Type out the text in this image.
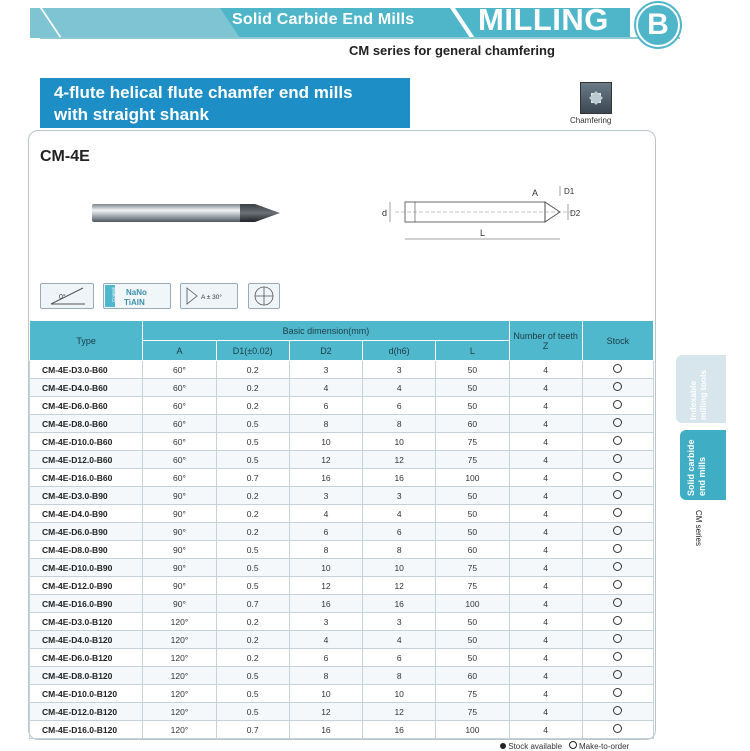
Solid Carbide End Mills MILLING	B
CM series for general chamfering
4-flute helical flute chamfer end mills
with straight shank	Chamfering
CM-4E
A
d
L
D2
D1
0°	Coated NaNo
TiAlN
A ± 30°
Type	Basic dimension(mm)					Number of teeth Z	Stock
	A	D1(±0.02)	D2	d(h6)	L		
CM-4E-D3.0-B60	60°	0.2	3	3	50	4	
CM-4E-D4.0-B60	60°	0.2	4	4	50	4	
CM-4E-D6.0-B60	60°	0.2	6	6	50	4	
CM-4E-D8.0-B60	60°	0.5	8	8	60	4	
CM-4E-D10.0-B60	60°	0.5	10	10	75	4	
CM-4E-D12.0-B60	60°	0.5	12	12	75	4	
CM-4E-D16.0-B60	60°	0.7	16	16	100	4	
CM-4E-D3.0-B90	90°	0.2	3	3	50	4	
CM-4E-D4.0-B90	90°	0.2	4	4	50	4	
CM-4E-D6.0-B90	90°	0.2	6	6	50	4	
CM-4E-D8.0-B90	90°	0.5	8	8	60	4	
CM-4E-D10.0-B90	90°	0.5	10	10	75	4	
CM-4E-D12.0-B90	90°	0.5	12	12	75	4	
CM-4E-D16.0-B90	90°	0.7	16	16	100	4	
CM-4E-D3.0-B120	120°	0.2	3	3	50	4	
CM-4E-D4.0-B120	120°	0.2	4	4	50	4	
CM-4E-D6.0-B120	120°	0.2	6	6	50	4	
CM-4E-D8.0-B120	120°	0.5	8	8	60	4	
CM-4E-D10.0-B120	120°	0.5	10	10	75	4	
CM-4E-D12.0-B120	120°	0.5	12	12	75	4	
CM-4E-D16.0-B120	120°	0.7	16	16	100	4	
Indexable milling tools
Solid carbide end mills
CM series
Stock available Make-to-order
